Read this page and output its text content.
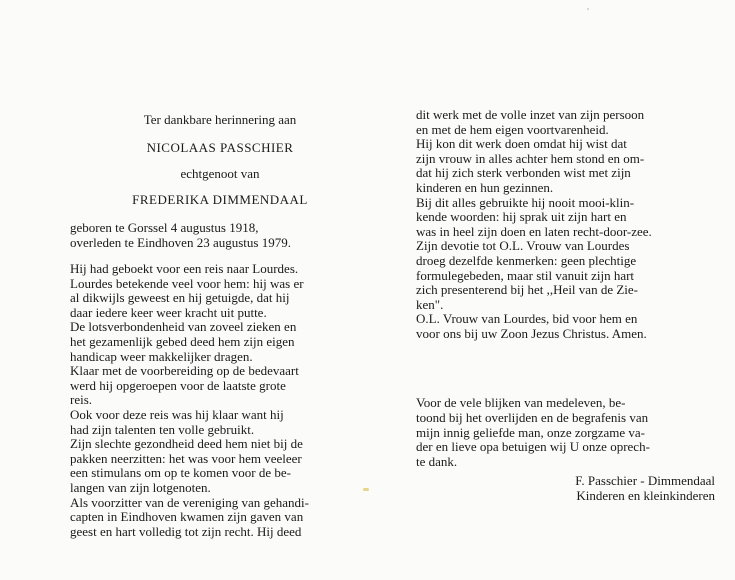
Ter dankbare herinnering aan
NICOLAAS PASSCHIER
echtgenoot van
FREDERIKA DIMMENDAAL
geboren te Gorssel 4 augustus 1918,
overleden te Eindhoven 23 augustus 1979.
Hij had geboekt voor een reis naar Lourdes.
Lourdes betekende veel voor hem: hij was er
al dikwijls geweest en hij getuigde, dat hij
daar iedere keer weer kracht uit putte.
De lotsverbondenheid van zoveel zieken en
het gezamenlijk gebed deed hem zijn eigen
handicap weer makkelijker dragen.
Klaar met de voorbereiding op de bedevaart
werd hij opgeroepen voor de laatste grote
reis.
Ook voor deze reis was hij klaar want hij
had zijn talenten ten volle gebruikt.
Zijn slechte gezondheid deed hem niet bij de
pakken neerzitten: het was voor hem veeleer
een stimulans om op te komen voor de be-
langen van zijn lotgenoten.
Als voorzitter van de vereniging van gehandi-
capten in Eindhoven kwamen zijn gaven van
geest en hart volledig tot zijn recht. Hij deed
dit werk met de volle inzet van zijn persoon
en met de hem eigen voortvarenheid.
Hij kon dit werk doen omdat hij wist dat
zijn vrouw in alles achter hem stond en om-
dat hij zich sterk verbonden wist met zijn
kinderen en hun gezinnen.
Bij dit alles gebruikte hij nooit mooi-klin-
kende woorden: hij sprak uit zijn hart en
was in heel zijn doen en laten recht-door-zee.
Zijn devotie tot O.L. Vrouw van Lourdes
droeg dezelfde kenmerken: geen plechtige
formulegebeden, maar stil vanuit zijn hart
zich presenterend bij het ,,Heil van de Zie-
ken".
O.L. Vrouw van Lourdes, bid voor hem en
voor ons bij uw Zoon Jezus Christus. Amen.
Voor de vele blijken van medeleven, be-
toond bij het overlijden en de begrafenis van
mijn innig geliefde man, onze zorgzame va-
der en lieve opa betuigen wij U onze oprech-
te dank.
F. Passchier - Dimmendaal
Kinderen en kleinkinderen
